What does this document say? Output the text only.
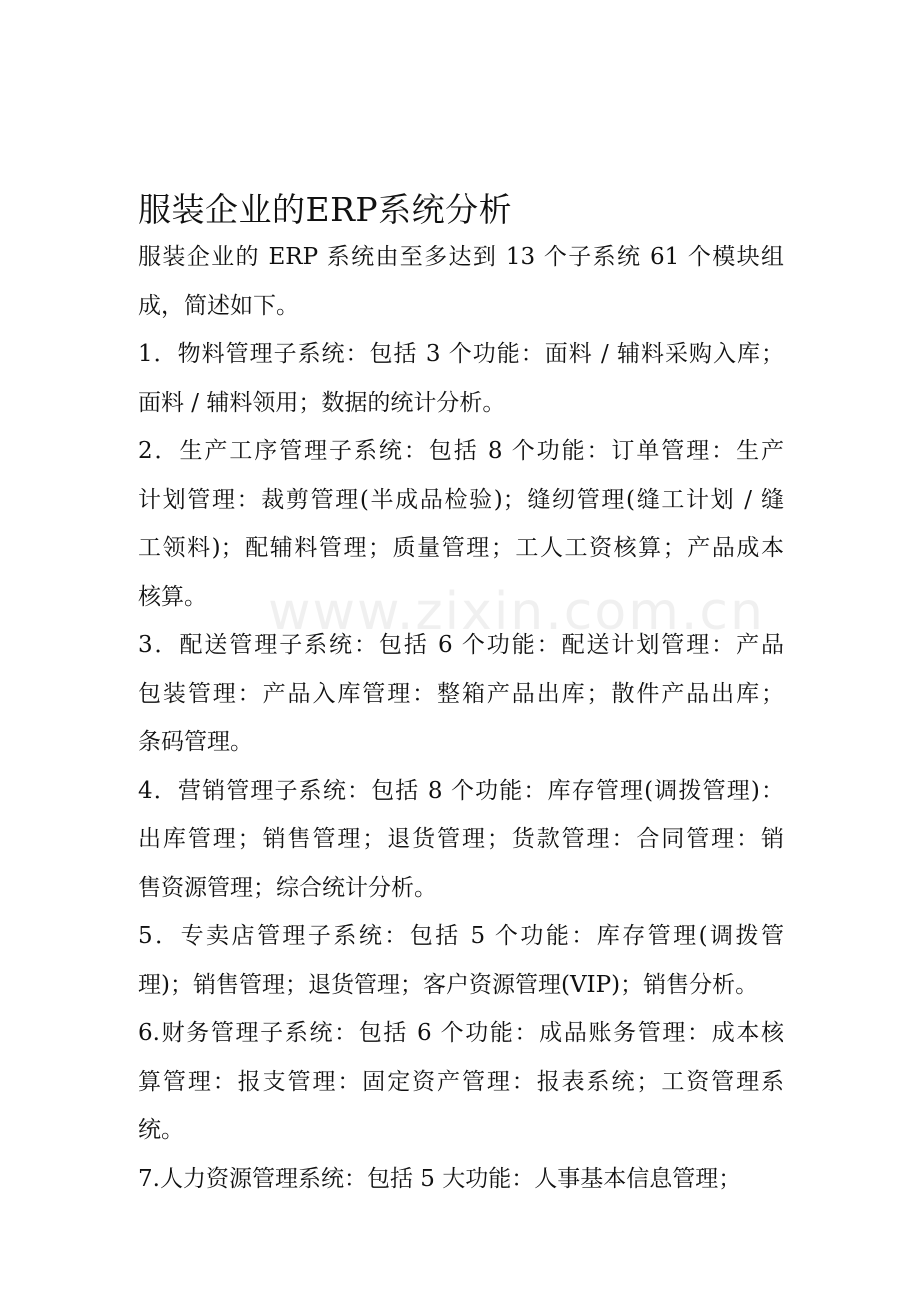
www.zixin.com.cn
服装企业的ERP系统分析

服装企业的 ERP 系统由至多达到 13 个子系统 61 个模块组
成，简述如下。

1．物料管理子系统：包括 3 个功能：面料 / 辅料采购入库；
面料 / 辅料领用；数据的统计分析。

2．生产工序管理子系统：包括 8 个功能：订单管理：生产
计划管理：裁剪管理(半成品检验)；缝纫管理(缝工计划 / 缝
工领料)；配辅料管理；质量管理；工人工资核算；产品成本
核算。

3．配送管理子系统：包括 6 个功能：配送计划管理：产品
包装管理：产品入库管理：整箱产品出库；散件产品出库；
条码管理。

4．营销管理子系统：包括 8 个功能：库存管理(调拨管理)：
出库管理；销售管理；退货管理；货款管理：合同管理：销
售资源管理；综合统计分析。

5．专卖店管理子系统：包括 5 个功能：库存管理(调拨管
理)；销售管理；退货管理；客户资源管理(VIP)；销售分析。

6.财务管理子系统：包括 6 个功能：成品账务管理：成本核
算管理：报支管理：固定资产管理：报表系统；工资管理系
统。

7.人力资源管理系统：包括 5 大功能：人事基本信息管理；
